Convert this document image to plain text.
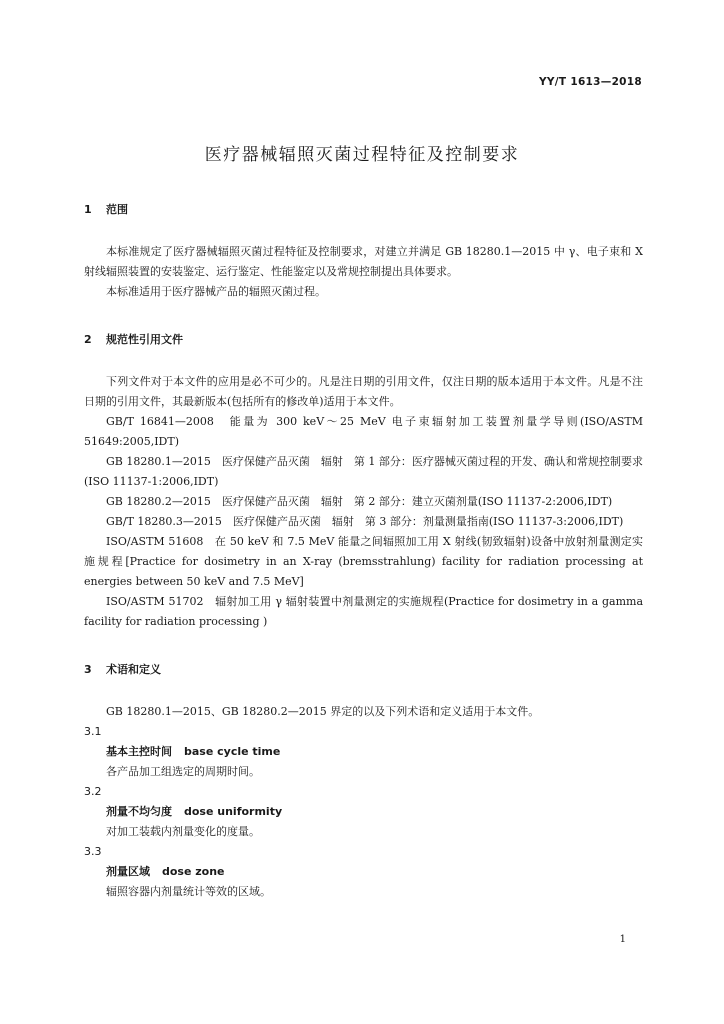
YY/T 1613—2018
医疗器械辐照灭菌过程特征及控制要求
1 范围

本标准规定了医疗器械辐照灭菌过程特征及控制要求，对建立并满足 GB 18280.1—2015 中 γ、电子束和 X 射线辐照装置的安装鉴定、运行鉴定、性能鉴定以及常规控制提出具体要求。

本标准适用于医疗器械产品的辐照灭菌过程。

2 规范性引用文件

下列文件对于本文件的应用是必不可少的。凡是注日期的引用文件，仅注日期的版本适用于本文件。凡是不注日期的引用文件，其最新版本(包括所有的修改单)适用于本文件。

GB/T 16841—2008　能量为 300 keV～25 MeV 电子束辐射加工装置剂量学导则(ISO/ASTM 51649:2005,IDT)

GB 18280.1—2015　医疗保健产品灭菌　辐射　第 1 部分：医疗器械灭菌过程的开发、确认和常规控制要求(ISO 11137-1:2006,IDT)

GB 18280.2—2015　医疗保健产品灭菌　辐射　第 2 部分：建立灭菌剂量(ISO 11137-2:2006,IDT)

GB/T 18280.3—2015　医疗保健产品灭菌　辐射　第 3 部分：剂量测量指南(ISO 11137-3:2006,IDT)

ISO/ASTM 51608　在 50 keV 和 7.5 MeV 能量之间辐照加工用 X 射线(韧致辐射)设备中放射剂量测定实施规程[Practice for dosimetry in an X-ray (bremsstrahlung) facility for radiation processing at energies between 50 keV and 7.5 MeV]

ISO/ASTM 51702　辐射加工用 γ 辐射装置中剂量测定的实施规程(Practice for dosimetry in a gamma facility for radiation processing )

3 术语和定义

GB 18280.1—2015、GB 18280.2—2015 界定的以及下列术语和定义适用于本文件。

3.1
基本主控时间 base cycle time
各产品加工组选定的周期时间。
3.2
剂量不均匀度 dose uniformity
对加工装载内剂量变化的度量。
3.3
剂量区域 dose zone
辐照容器内剂量统计等效的区域。
1
